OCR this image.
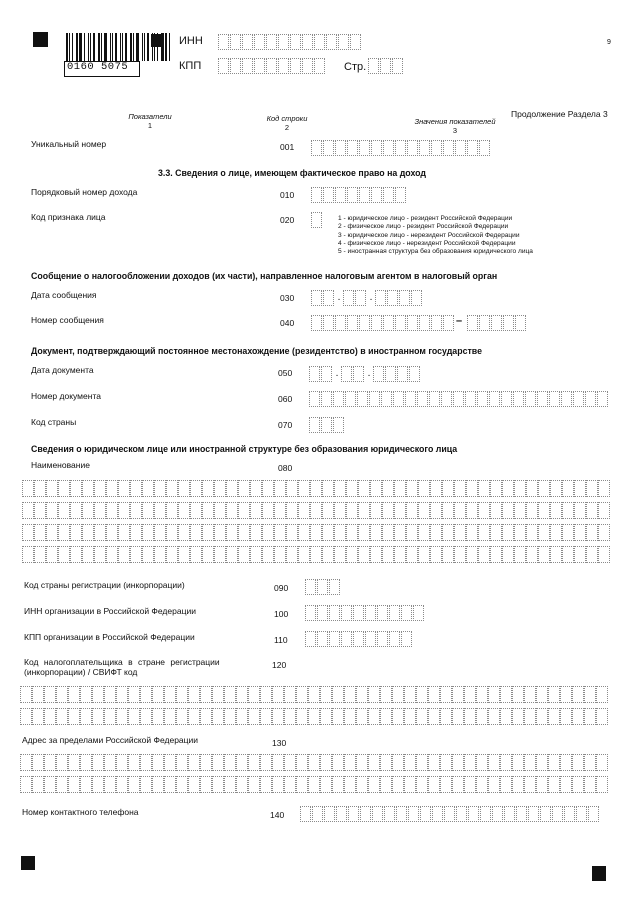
0160 5075
ИНН
КПП	Стр.
9
Продолжение Раздела 3
Показатели
1
Код строки
2
Значения показателей
3
Уникальный номер	001
3.3. Сведения о лице, имеющем фактическое право на доход
Порядковый номер дохода	010
Код признака лица	020	1 - юридическое лицо - резидент Российской Федерации
2 - физическое лицо - резидент Российской Федерации
3 - юридическое лицо - нерезидент Российской Федерации
4 - физическое лицо - нерезидент Российской Федерации
5 - иностранная структура без образования юридического лица
Сообщение о налогообложении доходов (их части), направленное налоговым агентом в налоговый орган
Дата сообщения	030	.	.
Номер сообщения	040	–
Документ, подтверждающий постоянное местонахождение (резидентство) в иностранном государстве
Дата документа	050	.	.
Номер документа	060
Код страны	070
Сведения о юридическом лице или иностранной структуре без образования юридического лица
Наименование	080
Код страны регистрации (инкорпорации)	090
ИНН организации в Российской Федерации	100
КПП организации в Российской Федерации	110
Код налогоплательщика в стране регистрации
(инкорпорации) / СВИФТ код
120
Адрес за пределами Российской Федерации	130
Номер контактного телефона	140
